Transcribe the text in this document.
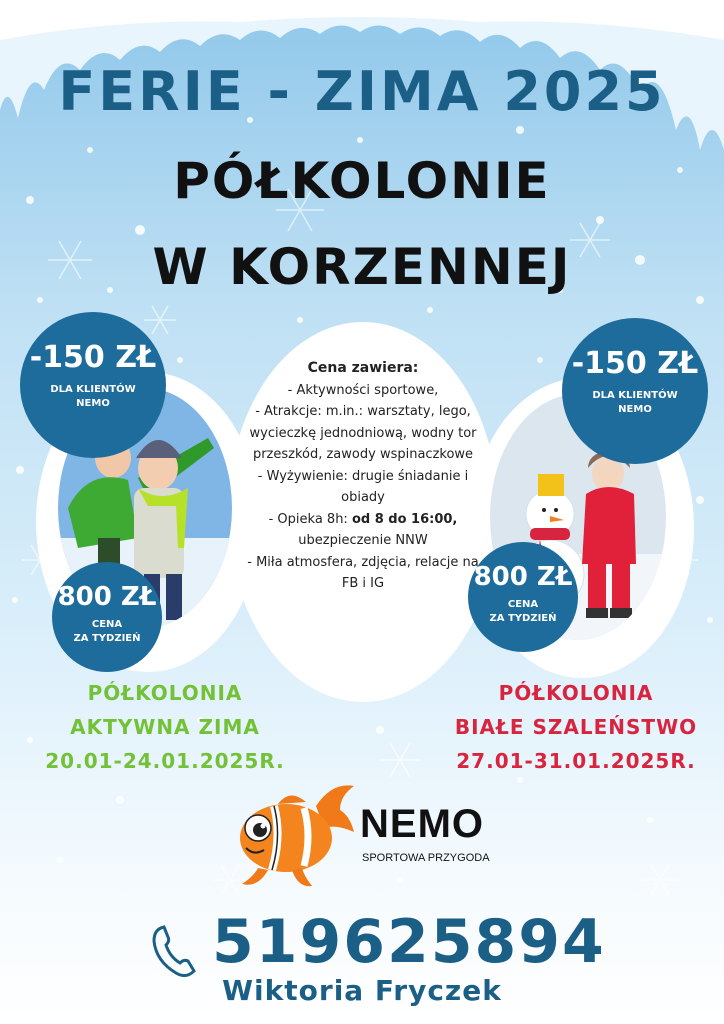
FERIE - ZIMA 2025
PÓŁKOLONIE
W KORZENNEJ
Cena zawiera:
- Aktywności sportowe,
- Atrakcje: m.in.: warsztaty, lego, wycieczkę jednodniową, wodny tor przeszkód, zawody wspinaczkowe
- Wyżywienie: drugie śniadanie i obiady
- Opieka 8h: od 8 do 16:00, ubezpieczenie NNW
- Miła atmosfera, zdjęcia, relacje na FB i IG
-150 ZŁ
DLA KLIENTÓW
NEMO
-150 ZŁ
DLA KLIENTÓW
NEMO
800 ZŁ
CENA
ZA TYDZIEŃ
800 ZŁ
CENA
ZA TYDZIEŃ
PÓŁKOLONIA
AKTYWNA ZIMA
20.01-24.01.2025R.
PÓŁKOLONIA
BIAŁE SZALEŃSTWO
27.01-31.01.2025R.
NEMO
SPORTOWA PRZYGODA
519625894
Wiktoria Fryczek
